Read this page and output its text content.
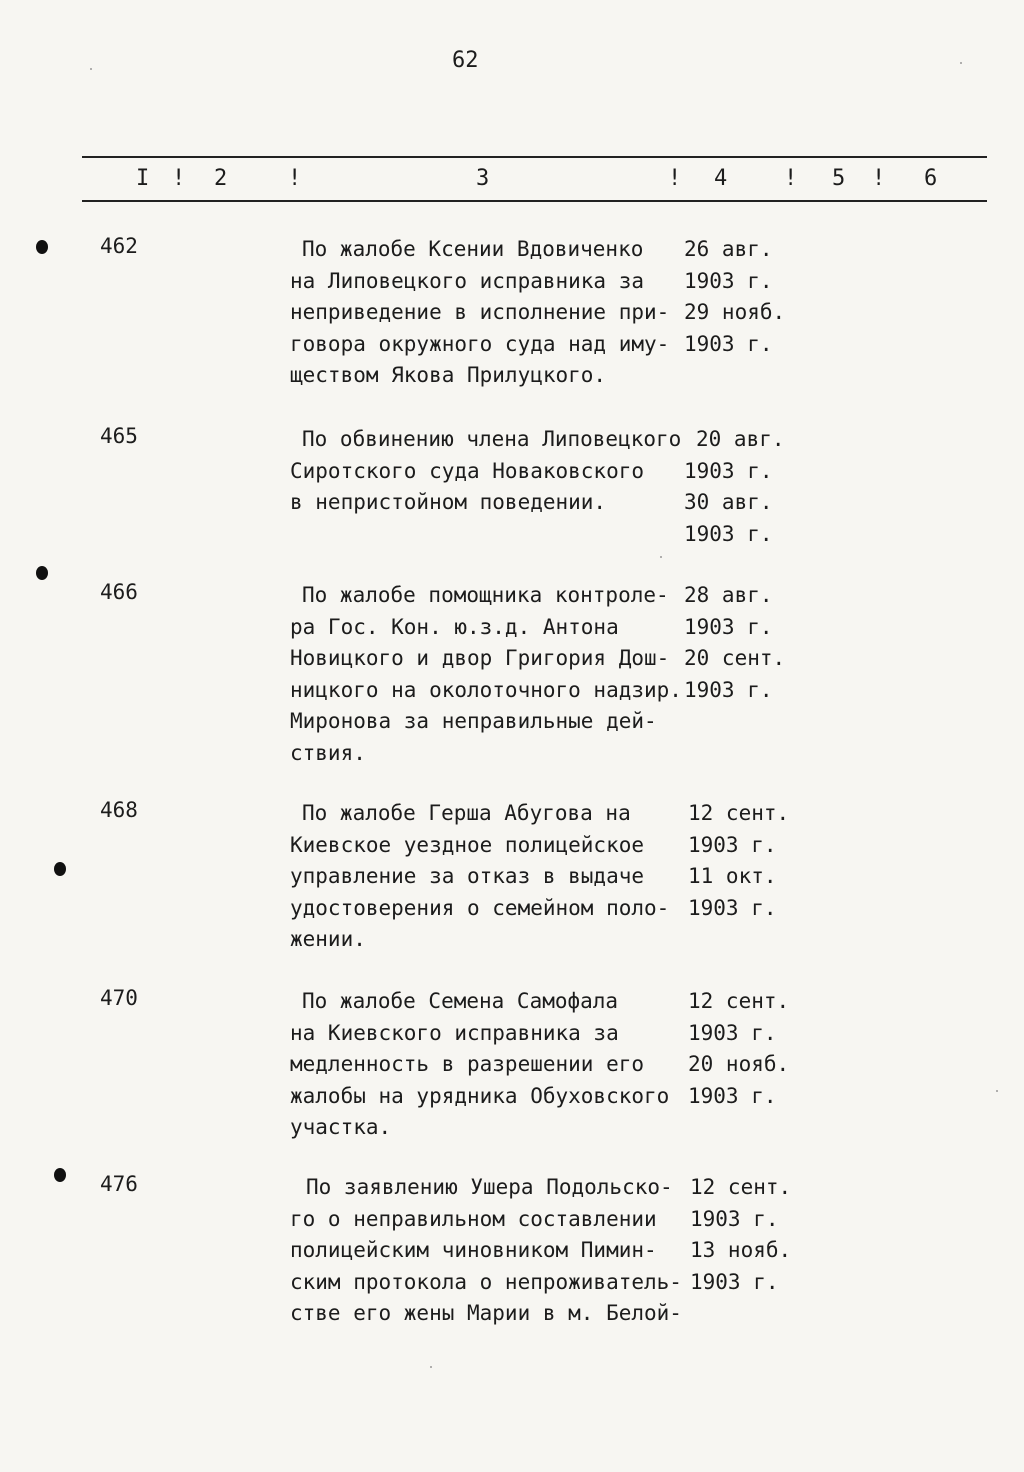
62
I ! 2	!	3	! 4	! 5 ! 6
462	По жалобе Ксении Вдовиченко
на Липовецкого исправника за
неприведение в исполнение при-
говора окружного суда над иму-
ществом Якова Прилуцкого.
26 авг.
1903 г.
29 нояб.
1903 г.
465	По обвинению члена Липовецкого
Сиротского суда Новаковского
в непристойном поведении.
20 авг.
1903 г.
30 авг.
1903 г.
466	По жалобе помощника контроле-
ра Гос. Кон. ю.з.д. Антона
Новицкого и двор Григория Дош-
ницкого на околоточного надзир.
Миронова за неправильные дей-
ствия.
28 авг.
1903 г.
20 сент.
1903 г.
468	По жалобе Герша Абугова на
Киевское уездное полицейское
управление за отказ в выдаче
удостоверения о семейном поло-
жении.
12 сент.
1903 г.
11 окт.
1903 г.
470	По жалобе Семена Самофала
на Киевского исправника за
медленность в разрешении его
жалобы на урядника Обуховского
участка.
12 сент.
1903 г.
20 нояб.
1903 г.
476	По заявлению Ушера Подольско-
го о неправильном составлении
полицейским чиновником Пимин-
ским протокола о непроживатель-
стве его жены Марии в м. Белой-
12 сент.
1903 г.
13 нояб.
1903 г.
